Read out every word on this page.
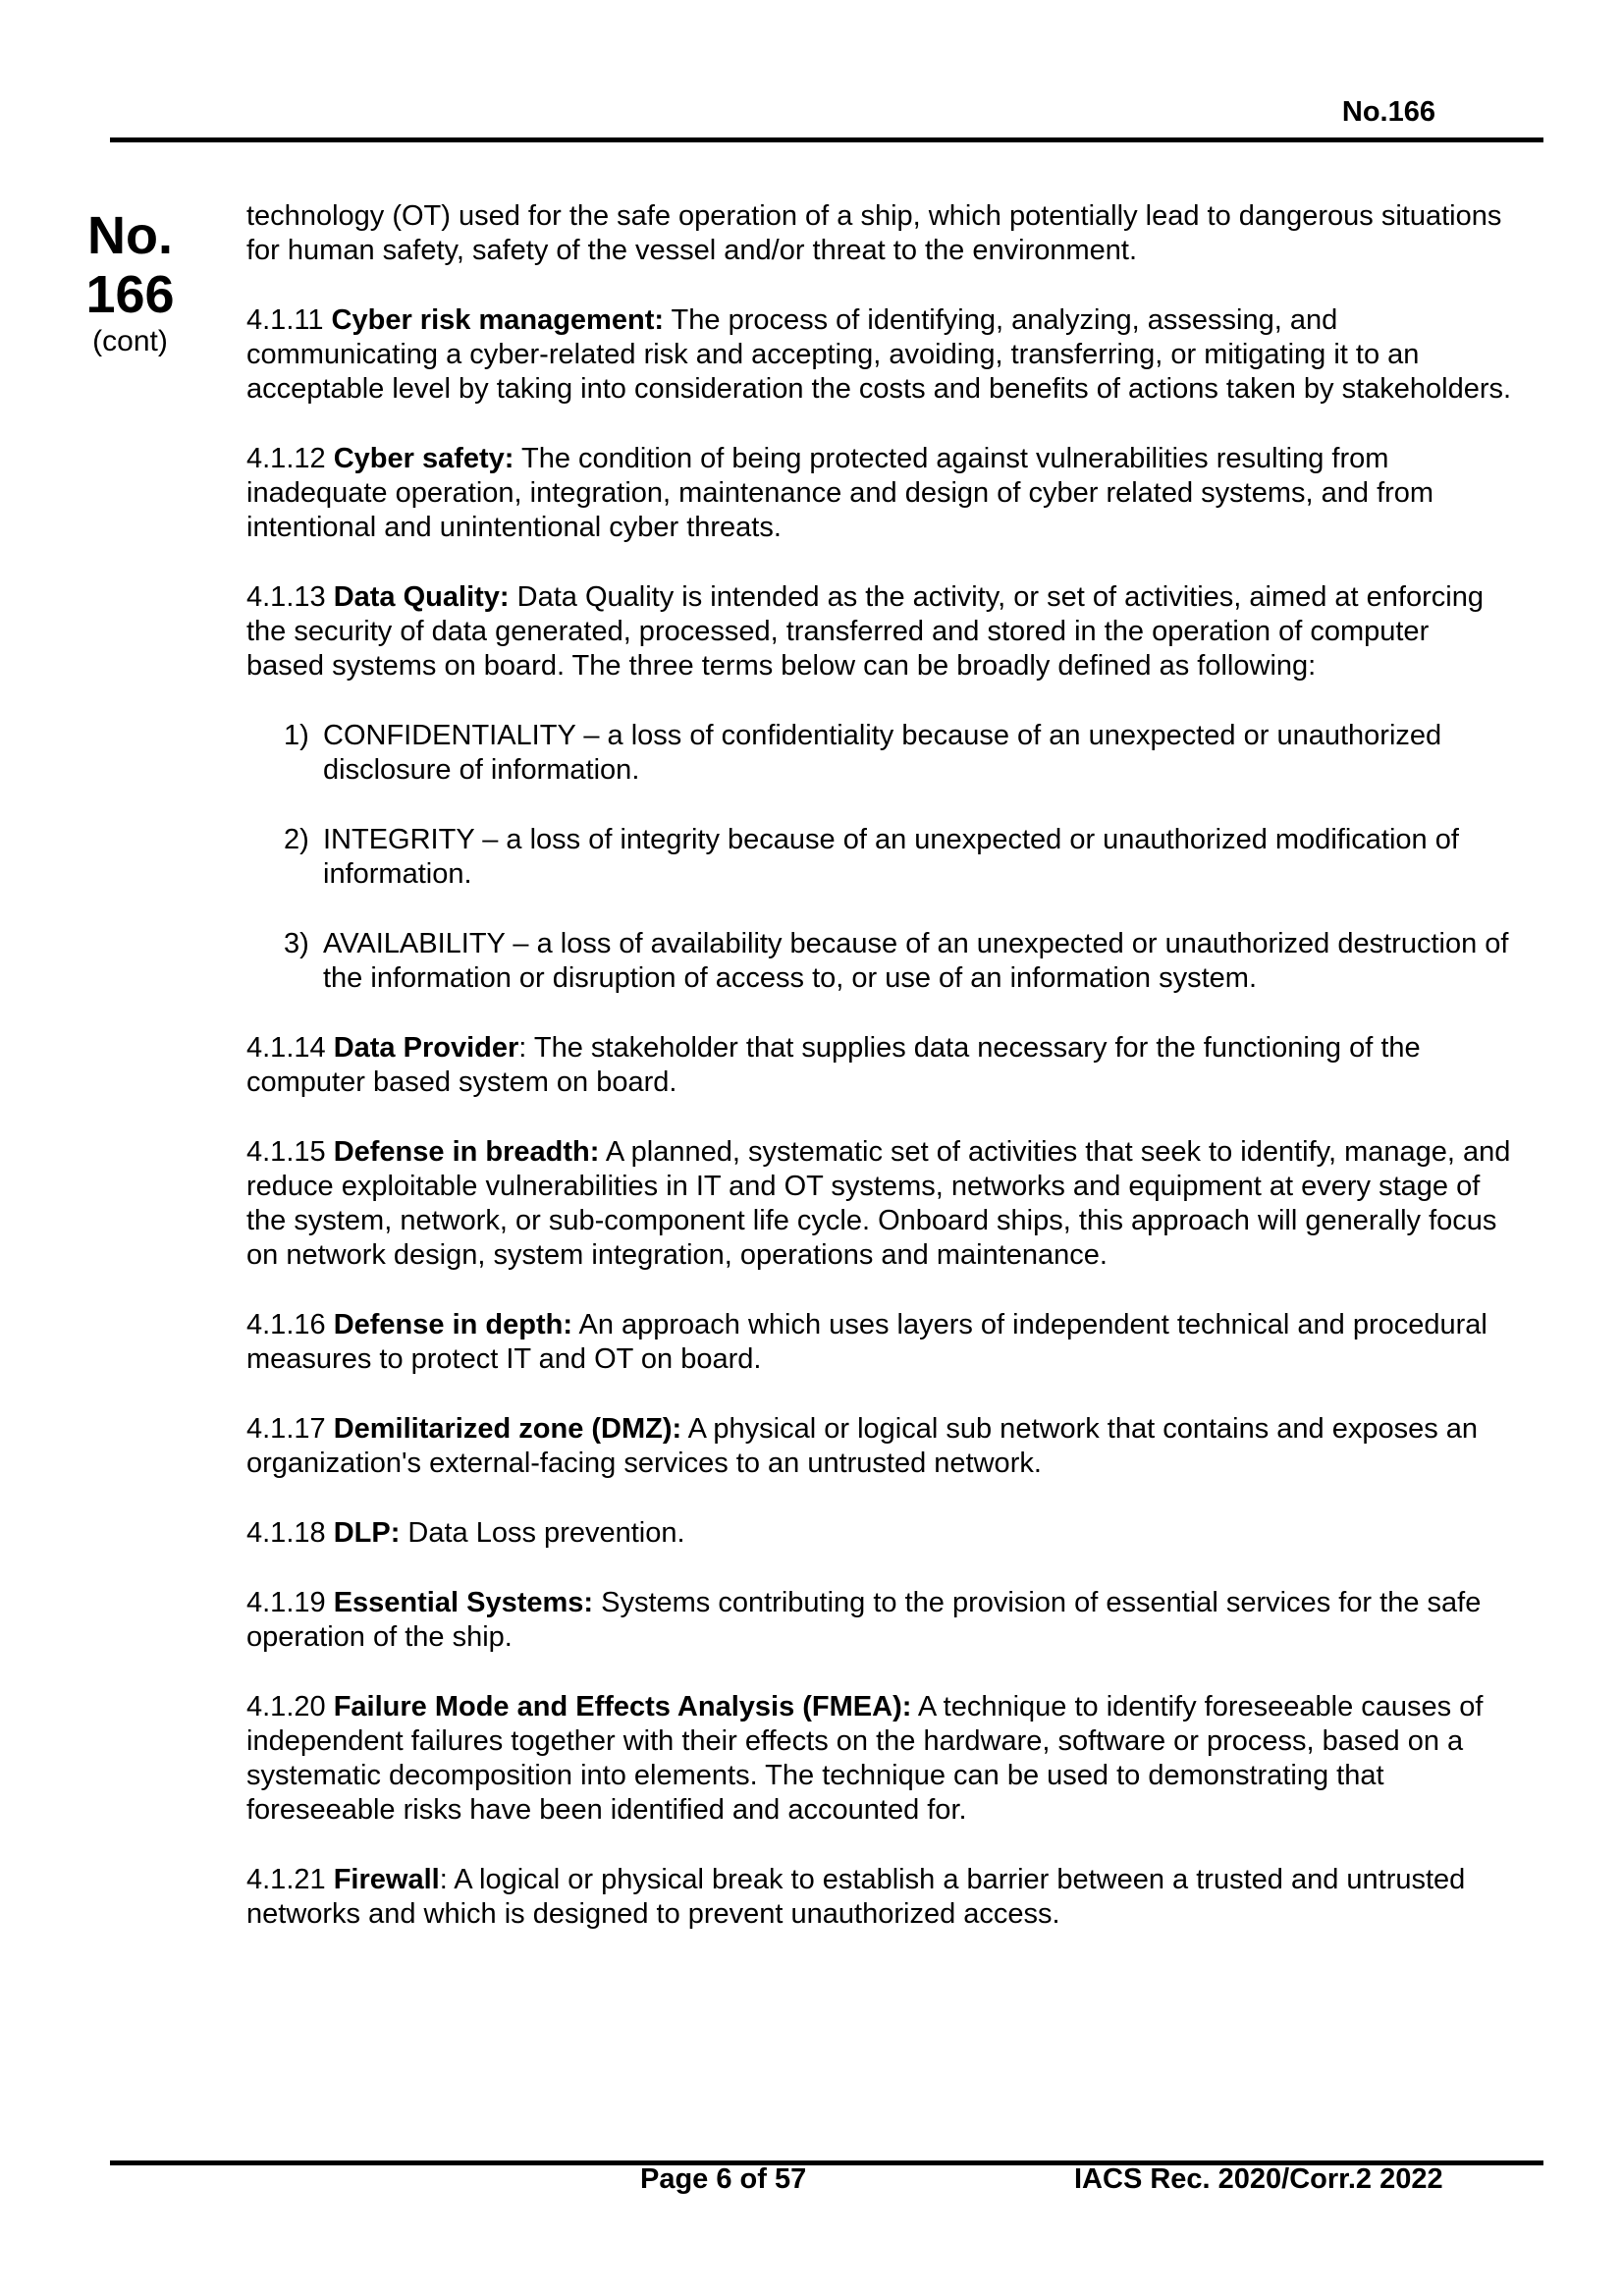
No.166
No.
166
(cont)

technology (OT) used for the safe operation of a ship, which potentially lead to dangerous situations for human safety, safety of the vessel and/or threat to the environment.

4.1.11 Cyber risk management: The process of identifying, analyzing, assessing, and communicating a cyber-related risk and accepting, avoiding, transferring, or mitigating it to an acceptable level by taking into consideration the costs and benefits of actions taken by stakeholders.

4.1.12 Cyber safety: The condition of being protected against vulnerabilities resulting from inadequate operation, integration, maintenance and design of cyber related systems, and from intentional and unintentional cyber threats.

4.1.13 Data Quality: Data Quality is intended as the activity, or set of activities, aimed at enforcing the security of data generated, processed, transferred and stored in the operation of computer based systems on board. The three terms below can be broadly defined as following:

1) CONFIDENTIALITY – a loss of confidentiality because of an unexpected or unauthorized disclosure of information.
2) INTEGRITY – a loss of integrity because of an unexpected or unauthorized modification of information.
3) AVAILABILITY – a loss of availability because of an unexpected or unauthorized destruction of the information or disruption of access to, or use of an information system.

4.1.14 Data Provider: The stakeholder that supplies data necessary for the functioning of the computer based system on board.

4.1.15 Defense in breadth: A planned, systematic set of activities that seek to identify, manage, and reduce exploitable vulnerabilities in IT and OT systems, networks and equipment at every stage of the system, network, or sub-component life cycle. Onboard ships, this approach will generally focus on network design, system integration, operations and maintenance.

4.1.16 Defense in depth: An approach which uses layers of independent technical and procedural measures to protect IT and OT on board.

4.1.17 Demilitarized zone (DMZ): A physical or logical sub network that contains and exposes an organization's external-facing services to an untrusted network.

4.1.18 DLP: Data Loss prevention.

4.1.19 Essential Systems: Systems contributing to the provision of essential services for the safe operation of the ship.

4.1.20 Failure Mode and Effects Analysis (FMEA): A technique to identify foreseeable causes of independent failures together with their effects on the hardware, software or process, based on a systematic decomposition into elements. The technique can be used to demonstrating that foreseeable risks have been identified and accounted for.

4.1.21 Firewall: A logical or physical break to establish a barrier between a trusted and untrusted networks and which is designed to prevent unauthorized access.

Page 6 of 57	IACS Rec. 2020/Corr.2 2022
